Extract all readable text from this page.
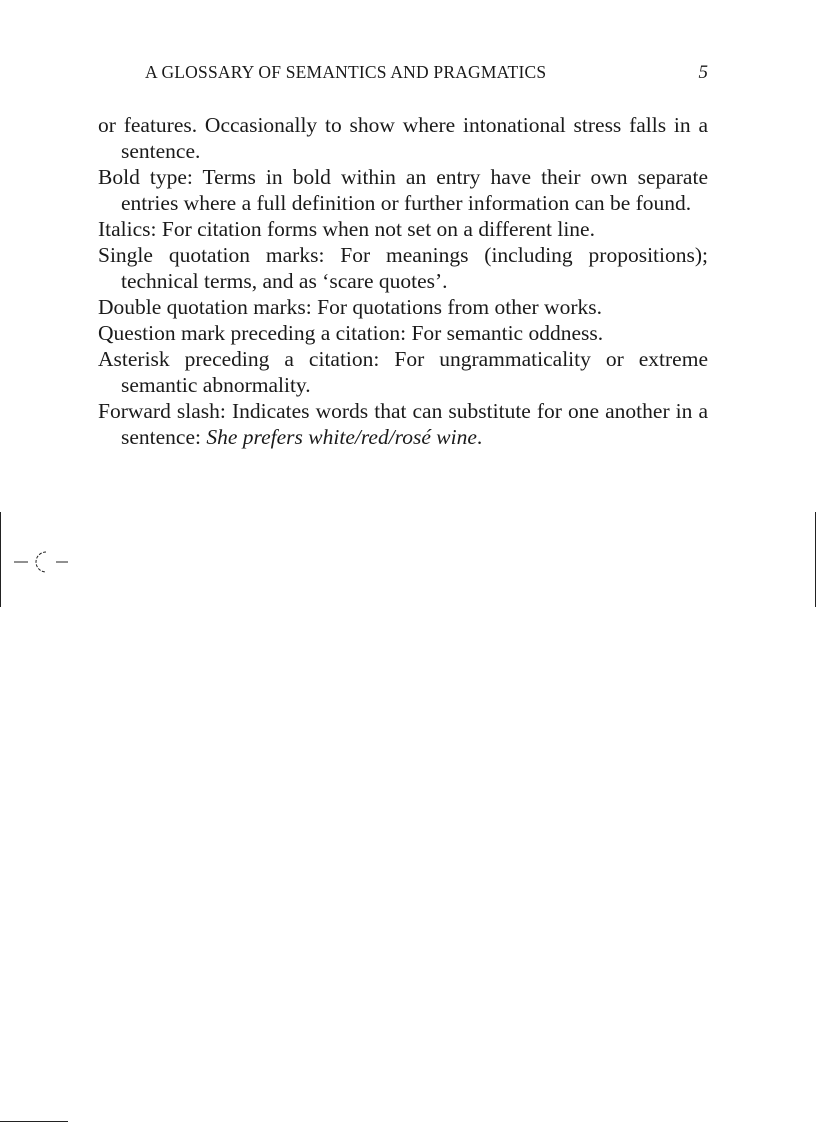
A GLOSSARY OF SEMANTICS AND PRAGMATICS	5

or features. Occasionally to show where intonational stress falls in a sentence.

Bold type: Terms in bold within an entry have their own separate entries where a full definition or further information can be found.

Italics: For citation forms when not set on a different line.

Single quotation marks: For meanings (including propositions); technical terms, and as ‘scare quotes’.

Double quotation marks: For quotations from other works.

Question mark preceding a citation: For semantic oddness.

Asterisk preceding a citation: For ungrammaticality or extreme semantic abnormality.

Forward slash: Indicates words that can substitute for one another in a sentence: She prefers white/red/rosé wine.
